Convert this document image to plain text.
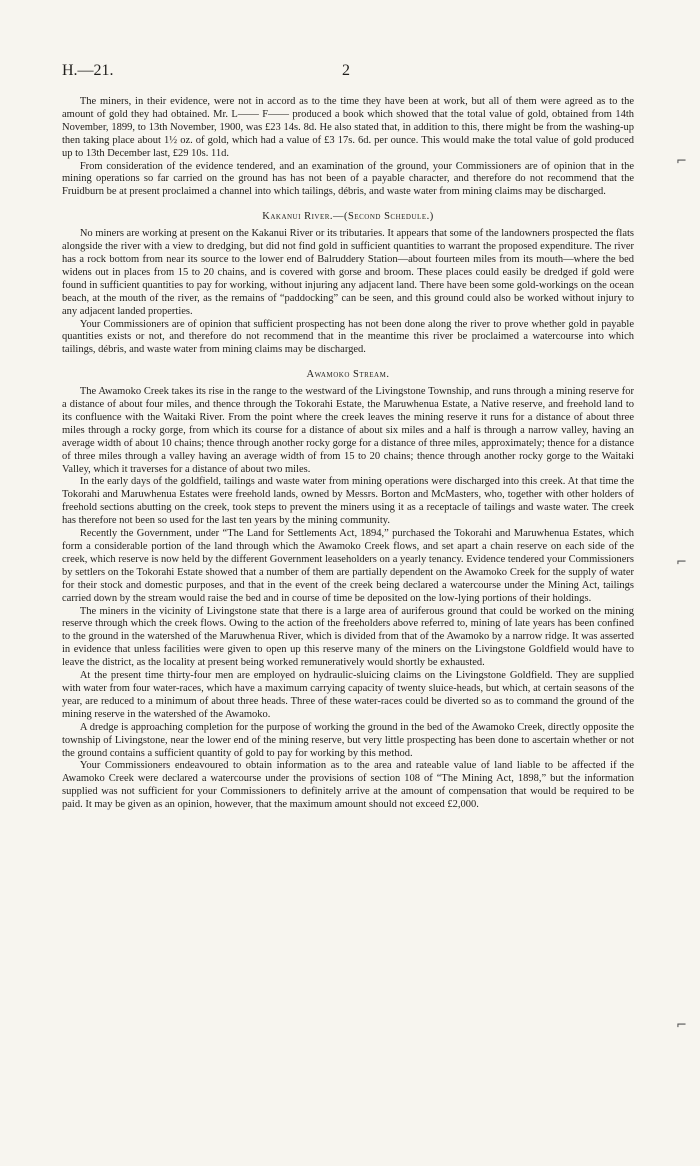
H.—21.	2

The miners, in their evidence, were not in accord as to the time they have been at work, but all of them were agreed as to the amount of gold they had obtained. Mr. L—— F—— produced a book which showed that the total value of gold, obtained from 14th November, 1899, to 13th November, 1900, was £23 14s. 8d. He also stated that, in addition to this, there might be from the washing-up then taking place about 1½ oz. of gold, which had a value of £3 17s. 6d. per ounce. This would make the total value of gold produced up to 13th December last, £29 10s. 11d.

From consideration of the evidence tendered, and an examination of the ground, your Commissioners are of opinion that in the mining operations so far carried on the ground has has not been of a payable character, and therefore do not recommend that the Fruidburn be at present proclaimed a channel into which tailings, débris, and waste water from mining claims may be discharged.

Kakanui River.—(Second Schedule.)

No miners are working at present on the Kakanui River or its tributaries. It appears that some of the landowners prospected the flats alongside the river with a view to dredging, but did not find gold in sufficient quantities to warrant the proposed expenditure. The river has a rock bottom from near its source to the lower end of Balruddery Station—about fourteen miles from its mouth—where the bed widens out in places from 15 to 20 chains, and is covered with gorse and broom. These places could easily be dredged if gold were found in sufficient quantities to pay for working, without injuring any adjacent land. There have been some gold-workings on the ocean beach, at the mouth of the river, as the remains of “paddocking” can be seen, and this ground could also be worked without injury to any adjacent landed properties.

Your Commissioners are of opinion that sufficient prospecting has not been done along the river to prove whether gold in payable quantities exists or not, and therefore do not recommend that in the meantime this river be proclaimed a watercourse into which tailings, débris, and waste water from mining claims may be discharged.

Awamoko Stream.

The Awamoko Creek takes its rise in the range to the westward of the Livingstone Township, and runs through a mining reserve for a distance of about four miles, and thence through the Tokorahi Estate, the Maruwhenua Estate, a Native reserve, and freehold land to its confluence with the Waitaki River. From the point where the creek leaves the mining reserve it runs for a distance of about three miles through a rocky gorge, from which its course for a distance of about six miles and a half is through a narrow valley, having an average width of about 10 chains; thence through another rocky gorge for a distance of three miles, approximately; thence for a distance of three miles through a valley having an average width of from 15 to 20 chains; thence through another rocky gorge to the Waitaki Valley, which it traverses for a distance of about two miles.

In the early days of the goldfield, tailings and waste water from mining operations were discharged into this creek. At that time the Tokorahi and Maruwhenua Estates were freehold lands, owned by Messrs. Borton and McMasters, who, together with other holders of freehold sections abutting on the creek, took steps to prevent the miners using it as a receptacle of tailings and waste water. The creek has therefore not been so used for the last ten years by the mining community.

Recently the Government, under “The Land for Settlements Act, 1894,” purchased the Tokorahi and Maruwhenua Estates, which form a considerable portion of the land through which the Awamoko Creek flows, and set apart a chain reserve on each side of the creek, which reserve is now held by the different Government leaseholders on a yearly tenancy. Evidence tendered your Commissioners by settlers on the Tokorahi Estate showed that a number of them are partially dependent on the Awamoko Creek for the supply of water for their stock and domestic purposes, and that in the event of the creek being declared a watercourse under the Mining Act, tailings carried down by the stream would raise the bed and in course of time be deposited on the low-lying portions of their holdings.

The miners in the vicinity of Livingstone state that there is a large area of auriferous ground that could be worked on the mining reserve through which the creek flows. Owing to the action of the freeholders above referred to, mining of late years has been confined to the ground in the watershed of the Maruwhenua River, which is divided from that of the Awamoko by a narrow ridge. It was asserted in evidence that unless facilities were given to open up this reserve many of the miners on the Livingstone Goldfield would have to leave the district, as the locality at present being worked remuneratively would shortly be exhausted.

At the present time thirty-four men are employed on hydraulic-sluicing claims on the Livingstone Goldfield. They are supplied with water from four water-races, which have a maximum carrying capacity of twenty sluice-heads, but which, at certain seasons of the year, are reduced to a minimum of about three heads. Three of these water-races could be diverted so as to command the ground of the mining reserve in the watershed of the Awamoko.

A dredge is approaching completion for the purpose of working the ground in the bed of the Awamoko Creek, directly opposite the township of Livingstone, near the lower end of the mining reserve, but very little prospecting has been done to ascertain whether or not the ground contains a sufficient quantity of gold to pay for working by this method.

Your Commissioners endeavoured to obtain information as to the area and rateable value of land liable to be affected if the Awamoko Creek were declared a watercourse under the provisions of section 108 of “The Mining Act, 1898,” but the information supplied was not sufficient for your Commissioners to definitely arrive at the amount of compensation that would be required to be paid. It may be given as an opinion, however, that the maximum amount should not exceed £2,000.

⌐
⌐
⌐
